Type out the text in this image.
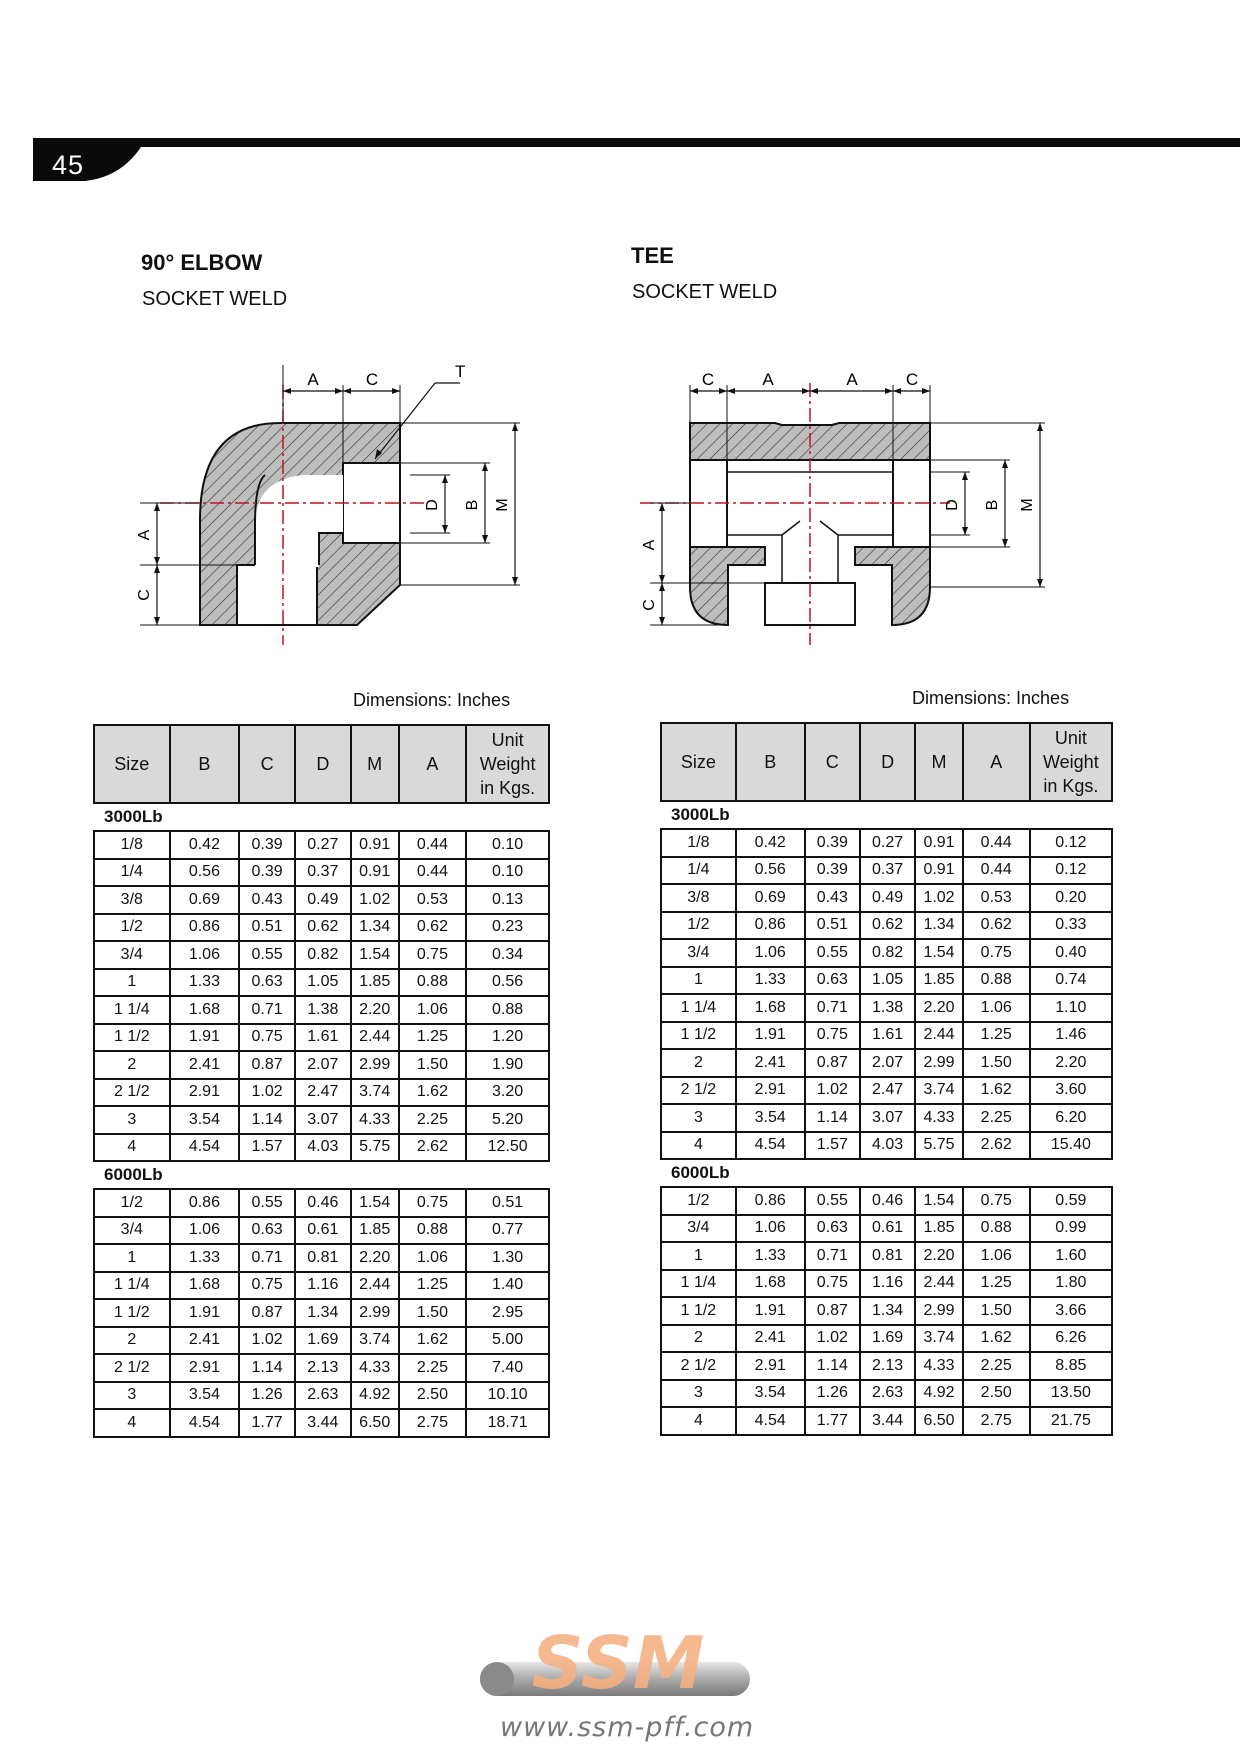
45
90° ELBOW
SOCKET WELD
A	C	T
D B M
A
C
TEE
SOCKET WELD
C	A	A	C
D B M
A
C
Dimensions: Inches	Dimensions: Inches
Size	B	C	D	M	A	Unit
Weight
in Kgs.
3000Lb						
1/8	0.42	0.39	0.27	0.91	0.44	0.10
1/4	0.56	0.39	0.37	0.91	0.44	0.10
3/8	0.69	0.43	0.49	1.02	0.53	0.13
1/2	0.86	0.51	0.62	1.34	0.62	0.23
3/4	1.06	0.55	0.82	1.54	0.75	0.34
1	1.33	0.63	1.05	1.85	0.88	0.56
1 1/4	1.68	0.71	1.38	2.20	1.06	0.88
1 1/2	1.91	0.75	1.61	2.44	1.25	1.20
2	2.41	0.87	2.07	2.99	1.50	1.90
2 1/2	2.91	1.02	2.47	3.74	1.62	3.20
3	3.54	1.14	3.07	4.33	2.25	5.20
4	4.54	1.57	4.03	5.75	2.62	12.50
6000Lb						
1/2	0.86	0.55	0.46	1.54	0.75	0.51
3/4	1.06	0.63	0.61	1.85	0.88	0.77
1	1.33	0.71	0.81	2.20	1.06	1.30
1 1/4	1.68	0.75	1.16	2.44	1.25	1.40
1 1/2	1.91	0.87	1.34	2.99	1.50	2.95
2	2.41	1.02	1.69	3.74	1.62	5.00
2 1/2	2.91	1.14	2.13	4.33	2.25	7.40
3	3.54	1.26	2.63	4.92	2.50	10.10
4	4.54	1.77	3.44	6.50	2.75	18.71
Size	B	C	D	M	A	Unit
Weight
in Kgs.
3000Lb						
1/8	0.42	0.39	0.27	0.91	0.44	0.12
1/4	0.56	0.39	0.37	0.91	0.44	0.12
3/8	0.69	0.43	0.49	1.02	0.53	0.20
1/2	0.86	0.51	0.62	1.34	0.62	0.33
3/4	1.06	0.55	0.82	1.54	0.75	0.40
1	1.33	0.63	1.05	1.85	0.88	0.74
1 1/4	1.68	0.71	1.38	2.20	1.06	1.10
1 1/2	1.91	0.75	1.61	2.44	1.25	1.46
2	2.41	0.87	2.07	2.99	1.50	2.20
2 1/2	2.91	1.02	2.47	3.74	1.62	3.60
3	3.54	1.14	3.07	4.33	2.25	6.20
4	4.54	1.57	4.03	5.75	2.62	15.40
6000Lb						
1/2	0.86	0.55	0.46	1.54	0.75	0.59
3/4	1.06	0.63	0.61	1.85	0.88	0.99
1	1.33	0.71	0.81	2.20	1.06	1.60
1 1/4	1.68	0.75	1.16	2.44	1.25	1.80
1 1/2	1.91	0.87	1.34	2.99	1.50	3.66
2	2.41	1.02	1.69	3.74	1.62	6.26
2 1/2	2.91	1.14	2.13	4.33	2.25	8.85
3	3.54	1.26	2.63	4.92	2.50	13.50
4	4.54	1.77	3.44	6.50	2.75	21.75
SSM
www.ssm-pff.com
